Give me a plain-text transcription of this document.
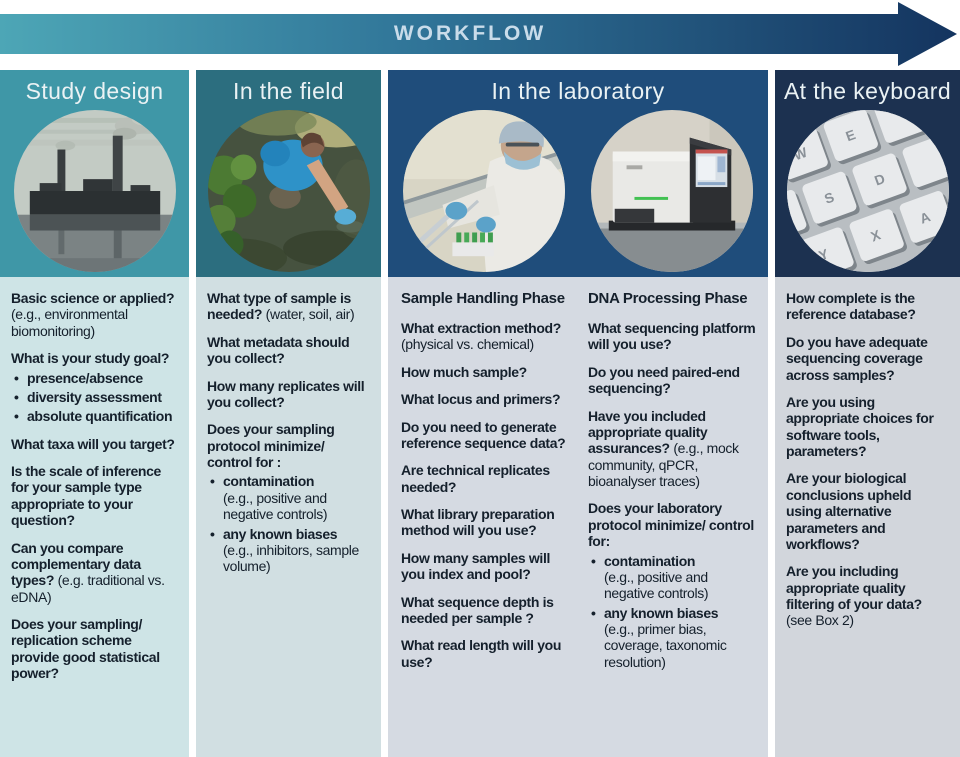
WORKFLOW
Study design

Basic science or applied? (e.g., environmental biomonitoring)

What is your study goal?

• presence/absence
• diversity assessment
• absolute quantification

What taxa will you target?

Is the scale of inference for your sample type appropriate to your question?

Can you compare complementary data types? (e.g. traditional vs. eDNA)

Does your sampling/ replication scheme provide good statistical power?

In the field

What type of sample is needed? (water, soil, air)

What metadata should you collect?

How many replicates will you collect?

Does your sampling protocol minimize/ control for :

• contamination
(e.g., positive and negative controls)
• any known biases
(e.g., inhibitors, sample volume)
In the laboratory
Sample Handling Phase

What extraction method? (physical vs. chemical)

How much sample?

What locus and primers?

Do you need to generate reference sequence data?

Are technical replicates needed?

What library preparation method will you use?

How many samples will you index and pool?

What sequence depth is needed per sample ?

What read length will you use?

DNA Processing Phase

What sequencing platform will you use?

Do you need paired-end sequencing?

Have you included appropriate quality assurances? (e.g., mock community, qPCR, bioanalyser traces)

Does your laboratory protocol minimize/ control for:

• contamination
(e.g., positive and negative controls)
• any known biases
(e.g., primer bias, coverage, taxonomic resolution)
At the keyboard
W
E
S
D
Y
X
A

How complete is the reference database?

Do you have adequate sequencing coverage across samples?

Are you using appropriate choices for software tools, parameters?

Are your biological conclusions upheld using alternative parameters and workflows?

Are you including appropriate quality filtering of your data? (see Box 2)
